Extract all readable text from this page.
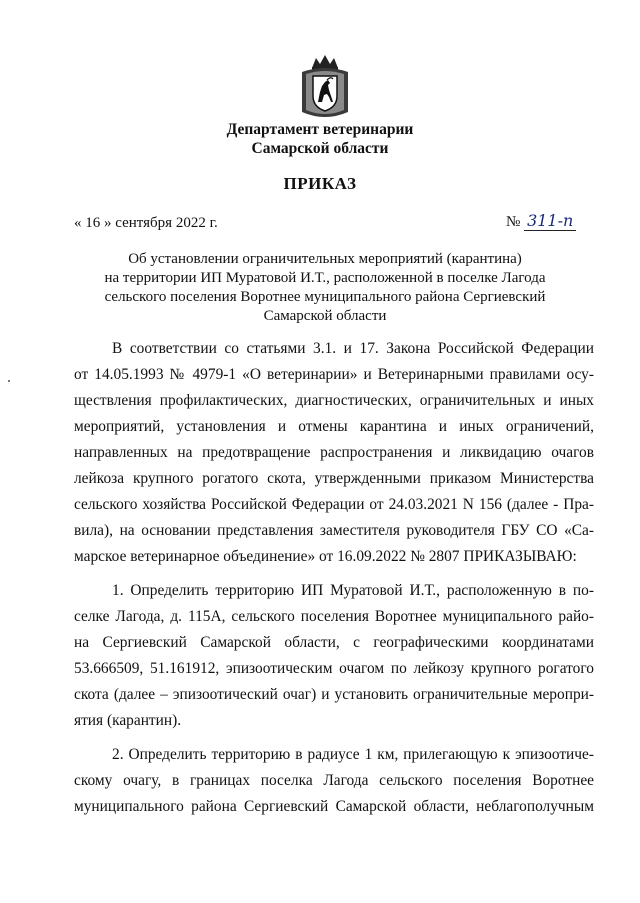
Департамент ветеринарии
Самарской области
ПРИКАЗ
« 16 » сентября 2022 г.	№ 311-п
Об установлении ограничительных мероприятий (карантина)
на территории ИП Муратовой И.Т., расположенной в поселке Лагода
сельского поселения Воротнее муниципального района Сергиевский
Самарской области
В соответствии со статьями 3.1. и 17. Закона Российской Федерации
от 14.05.1993 № 4979-1 «О ветеринарии» и Ветеринарными правилами осу-
ществления профилактических, диагностических, ограничительных и иных
мероприятий, установления и отмены карантина и иных ограничений,
направленных на предотвращение распространения и ликвидацию очагов
лейкоза крупного рогатого скота, утвержденными приказом Министерства
сельского хозяйства Российской Федерации от 24.03.2021 N 156 (далее - Пра-
вила), на основании представления заместителя руководителя ГБУ СО «Са-
марское ветеринарное объединение» от 16.09.2022 № 2807 ПРИКАЗЫВАЮ:
1. Определить территорию ИП Муратовой И.Т., расположенную в по-
селке Лагода, д. 115А, сельского поселения Воротнее муниципального райо-
на Сергиевский Самарской области, с географическими координатами
53.666509, 51.161912, эпизоотическим очагом по лейкозу крупного рогатого
скота (далее – эпизоотический очаг) и установить ограничительные меропри-
ятия (карантин).
2. Определить территорию в радиусе 1 км, прилегающую к эпизоотиче-
скому очагу, в границах поселка Лагода сельского поселения Воротнее
муниципального района Сергиевский Самарской области, неблагополучным
